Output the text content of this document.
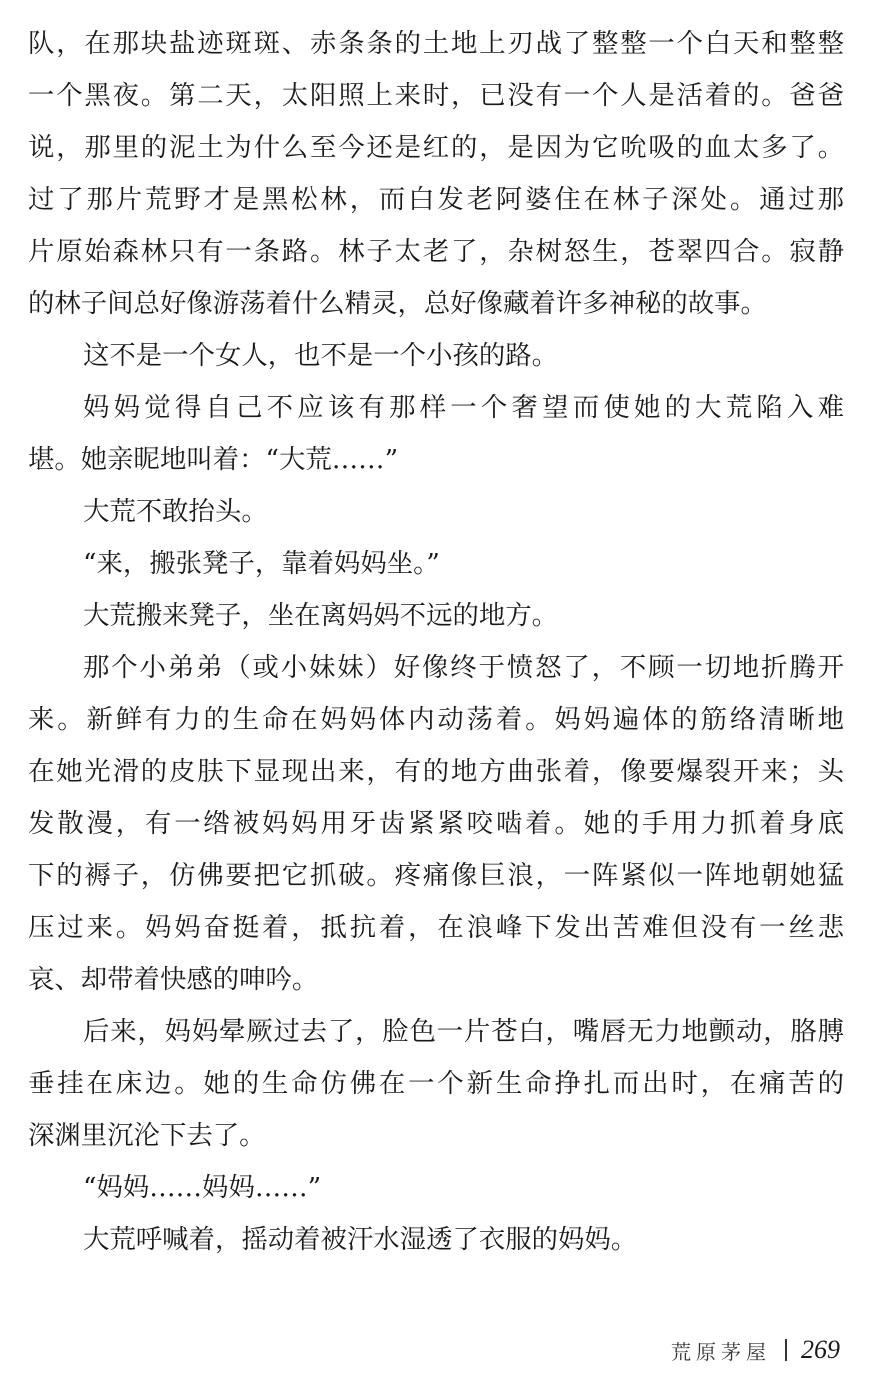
队，在那块盐迹斑斑、赤条条的土地上刃战了整整一个白天和整整
一个黑夜。第二天，太阳照上来时，已没有一个人是活着的。爸爸
说，那里的泥土为什么至今还是红的，是因为它吮吸的血太多了。
过了那片荒野才是黑松林，而白发老阿婆住在林子深处。通过那
片原始森林只有一条路。林子太老了，杂树怒生，苍翠四合。寂静
的林子间总好像游荡着什么精灵，总好像藏着许多神秘的故事。
这不是一个女人，也不是一个小孩的路。
妈妈觉得自己不应该有那样一个奢望而使她的大荒陷入难
堪。她亲昵地叫着：“大荒……”
大荒不敢抬头。
“来，搬张凳子，靠着妈妈坐。”
大荒搬来凳子，坐在离妈妈不远的地方。
那个小弟弟（或小妹妹）好像终于愤怒了，不顾一切地折腾开
来。新鲜有力的生命在妈妈体内动荡着。妈妈遍体的筋络清晰地
在她光滑的皮肤下显现出来，有的地方曲张着，像要爆裂开来；头
发散漫，有一绺被妈妈用牙齿紧紧咬啮着。她的手用力抓着身底
下的褥子，仿佛要把它抓破。疼痛像巨浪，一阵紧似一阵地朝她猛
压过来。妈妈奋挺着，抵抗着，在浪峰下发出苦难但没有一丝悲
哀、却带着快感的呻吟。
后来，妈妈晕厥过去了，脸色一片苍白，嘴唇无力地颤动，胳膊
垂挂在床边。她的生命仿佛在一个新生命挣扎而出时，在痛苦的
深渊里沉沦下去了。
“妈妈……妈妈……”
大荒呼喊着，摇动着被汗水湿透了衣服的妈妈。
荒原茅屋 269
